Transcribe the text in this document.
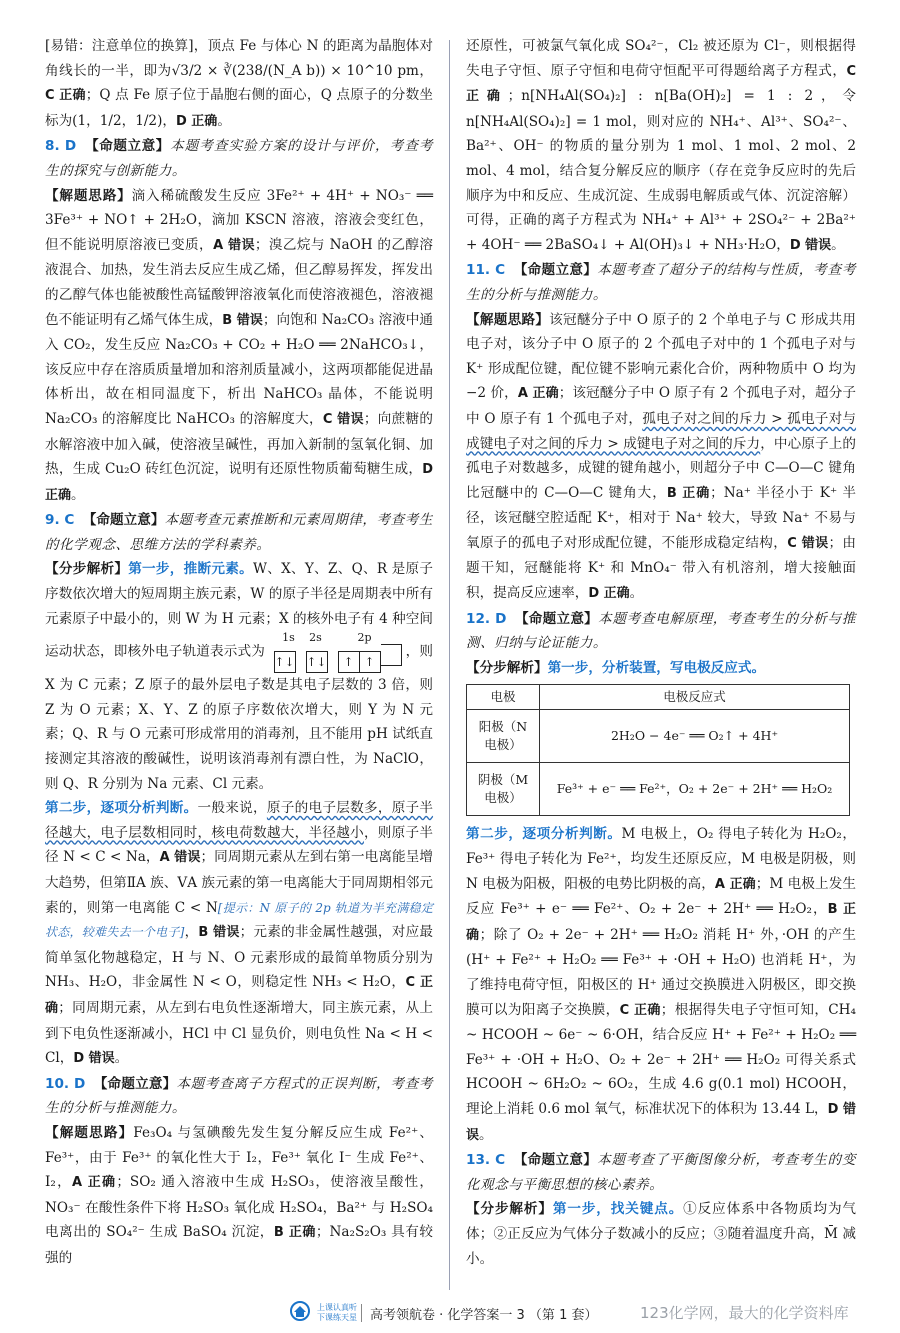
[易错：注意单位的换算]，顶点 Fe 与体心 N 的距离为晶胞体对角线长的一半，即为√3/2 × ∛(238/(N_A b)) × 10^10 pm，C 正确；Q 点 Fe 原子位于晶胞右侧的面心，Q 点原子的分数坐标为(1，1/2，1/2)，D 正确。

8. D 【命题立意】本题考查实验方案的设计与评价，考查考生的探究与创新能力。

【解题思路】滴入稀硫酸发生反应 3Fe²⁺ + 4H⁺ + NO₃⁻ ══ 3Fe³⁺ + NO↑ + 2H₂O，滴加 KSCN 溶液，溶液会变红色，但不能说明原溶液已变质，A 错误；溴乙烷与 NaOH 的乙醇溶液混合、加热，发生消去反应生成乙烯，但乙醇易挥发，挥发出的乙醇气体也能被酸性高锰酸钾溶液氧化而使溶液褪色，溶液褪色不能证明有乙烯气体生成，B 错误；向饱和 Na₂CO₃ 溶液中通入 CO₂，发生反应 Na₂CO₃ + CO₂ + H₂O ══ 2NaHCO₃↓，该反应中存在溶质质量增加和溶剂质量减小，这两项都能促进晶体析出，故在相同温度下，析出 NaHCO₃ 晶体，不能说明 Na₂CO₃ 的溶解度比 NaHCO₃ 的溶解度大，C 错误；向蔗糖的水解溶液中加入碱，使溶液呈碱性，再加入新制的氢氧化铜、加热，生成 Cu₂O 砖红色沉淀，说明有还原性物质葡萄糖生成，D 正确。

9. C 【命题立意】本题考查元素推断和元素周期律，考查考生的化学观念、思维方法的学科素养。

【分步解析】第一步，推断元素。W、X、Y、Z、Q、R 是原子序数依次增大的短周期主族元素，W 的原子半径是周期表中所有元素原子中最小的，则 W 为 H 元素；X 的核外电子有 4 种空间运动状态，即核外电子轨道表示式为 1s 2s	2p
↑↓ ↑↓ ↑ ↑，则 X 为 C 元素；Z 原子的最外层电子数是其电子层数的 3 倍，则 Z 为 O 元素；X、Y、Z 的原子序数依次增大，则 Y 为 N 元素；Q、R 与 O 元素可形成常用的消毒剂，且不能用 pH 试纸直接测定其溶液的酸碱性，说明该消毒剂有漂白性，为 NaClO，则 Q、R 分别为 Na 元素、Cl 元素。

第二步，逐项分析判断。一般来说，原子的电子层数多，原子半径越大，电子层数相同时，核电荷数越大，半径越小，则原子半径 N < C < Na，A 错误；同周期元素从左到右第一电离能呈增大趋势，但第ⅡA 族、ⅤA 族元素的第一电离能大于同周期相邻元素的，则第一电离能 C < N[提示：N 原子的 2p 轨道为半充满稳定状态，较难失去一个电子]，B 错误；元素的非金属性越强，对应最简单氢化物越稳定，H 与 N、O 元素形成的最简单物质分别为 NH₃、H₂O，非金属性 N < O，则稳定性 NH₃ < H₂O，C 正确；同周期元素，从左到右电负性逐渐增大，同主族元素，从上到下电负性逐渐减小，HCl 中 Cl 显负价，则电负性 Na < H < Cl，D 错误。

10. D 【命题立意】本题考查离子方程式的正误判断，考查考生的分析与推测能力。

【解题思路】Fe₃O₄ 与氢碘酸先发生复分解反应生成 Fe²⁺、Fe³⁺，由于 Fe³⁺ 的氧化性大于 I₂，Fe³⁺ 氧化 I⁻ 生成 Fe²⁺、I₂，A 正确；SO₂ 通入溶液中生成 H₂SO₃，使溶液呈酸性，NO₃⁻ 在酸性条件下将 H₂SO₃ 氧化成 H₂SO₄，Ba²⁺ 与 H₂SO₄ 电离出的 SO₄²⁻ 生成 BaSO₄ 沉淀，B 正确；Na₂S₂O₃ 具有较强的

还原性，可被氯气氧化成 SO₄²⁻，Cl₂ 被还原为 Cl⁻，则根据得失电子守恒、原子守恒和电荷守恒配平可得题给离子方程式，C 正确；n[NH₄Al(SO₄)₂] : n[Ba(OH)₂] = 1 : 2，令 n[NH₄Al(SO₄)₂] = 1 mol，则对应的 NH₄⁺、Al³⁺、SO₄²⁻、Ba²⁺、OH⁻ 的物质的量分别为 1 mol、1 mol、2 mol、2 mol、4 mol，结合复分解反应的顺序（存在竞争反应时的先后顺序为中和反应、生成沉淀、生成弱电解质或气体、沉淀溶解）可得，正确的离子方程式为 NH₄⁺ + Al³⁺ + 2SO₄²⁻ + 2Ba²⁺ + 4OH⁻ ══ 2BaSO₄↓ + Al(OH)₃↓ + NH₃·H₂O，D 错误。

11. C 【命题立意】本题考查了超分子的结构与性质，考查考生的分析与推测能力。

【解题思路】该冠醚分子中 O 原子的 2 个单电子与 C 形成共用电子对，该分子中 O 原子的 2 个孤电子对中的 1 个孤电子对与 K⁺ 形成配位键，配位键不影响元素化合价，两种物质中 O 均为 −2 价，A 正确；该冠醚分子中 O 原子有 2 个孤电子对，超分子中 O 原子有 1 个孤电子对，孤电子对之间的斥力 > 孤电子对与成键电子对之间的斥力 > 成键电子对之间的斥力，中心原子上的孤电子对数越多，成键的键角越小，则超分子中 C—O—C 键角比冠醚中的 C—O—C 键角大，B 正确；Na⁺ 半径小于 K⁺ 半径，该冠醚空腔适配 K⁺，相对于 Na⁺ 较大，导致 Na⁺ 不易与氧原子的孤电子对形成配位键，不能形成稳定结构，C 错误；由题干知，冠醚能将 K⁺ 和 MnO₄⁻ 带入有机溶剂，增大接触面积，提高反应速率，D 正确。

12. D 【命题立意】本题考查电解原理，考查考生的分析与推测、归纳与论证能力。

【分步解析】第一步，分析装置，写电极反应式。

电极	电极反应式
阳极（N 电极）	2H₂O − 4e⁻ ══ O₂↑ + 4H⁺
阴极（M 电极）	Fe³⁺ + e⁻ ══ Fe²⁺，O₂ + 2e⁻ + 2H⁺ ══ H₂O₂

第二步，逐项分析判断。M 电极上，O₂ 得电子转化为 H₂O₂，Fe³⁺ 得电子转化为 Fe²⁺，均发生还原反应，M 电极是阴极，则 N 电极为阳极，阳极的电势比阴极的高，A 正确；M 电极上发生反应 Fe³⁺ + e⁻ ══ Fe²⁺、O₂ + 2e⁻ + 2H⁺ ══ H₂O₂，B 正确；除了 O₂ + 2e⁻ + 2H⁺ ══ H₂O₂ 消耗 H⁺ 外，·OH 的产生(H⁺ + Fe²⁺ + H₂O₂ ══ Fe³⁺ + ·OH + H₂O) 也消耗 H⁺，为了维持电荷守恒，阳极区的 H⁺ 通过交换膜进入阴极区，即交换膜可以为阳离子交换膜，C 正确；根据得失电子守恒可知，CH₄ ~ HCOOH ~ 6e⁻ ~ 6·OH，结合反应 H⁺ + Fe²⁺ + H₂O₂ ══ Fe³⁺ + ·OH + H₂O、O₂ + 2e⁻ + 2H⁺ ══ H₂O₂ 可得关系式 HCOOH ~ 6H₂O₂ ~ 6O₂，生成 4.6 g(0.1 mol) HCOOH，理论上消耗 0.6 mol 氧气，标准状况下的体积为 13.44 L，D 错误。

13. C 【命题立意】本题考查了平衡图像分析，考查考生的变化观念与平衡思想的核心素养。

【分步解析】第一步，找关键点。①反应体系中各物质均为气体；②正反应为气体分子数减小的反应；③随着温度升高，M̄ 减小。

上课认真听
下课练天星 高考领航卷 · 化学答案一 3 （第 1 套）	123化学网，最大的化学资料库
